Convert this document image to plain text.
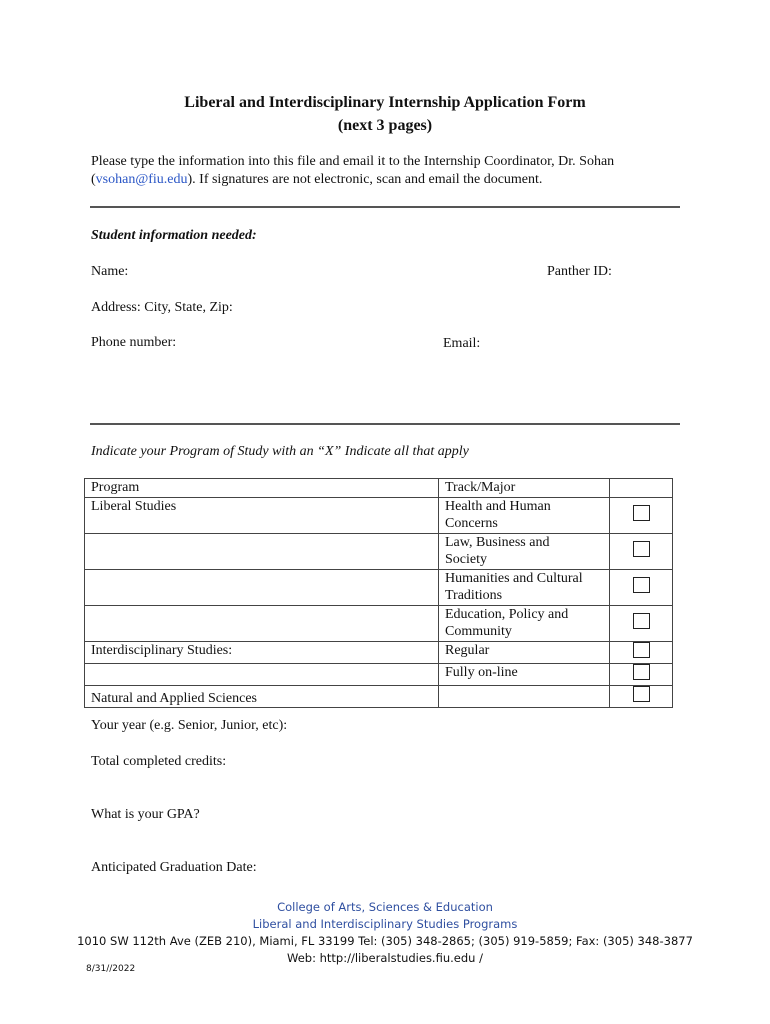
Liberal and Interdisciplinary Internship Application Form
(next 3 pages)
Please type the information into this file and email it to the Internship Coordinator, Dr. Sohan
(vsohan@fiu.edu). If signatures are not electronic, scan and email the document.
Student information needed:
Name:	Panther ID:
Address: City, State, Zip:
Phone number:	Email:
Indicate your Program of Study with an “X” Indicate all that apply
Program	Track/Major	
Liberal Studies	Health and Human
Concerns	

	Law, Business and
Society	

	Humanities and Cultural
Traditions	

	Education, Policy and
Community	

Interdisciplinary Studies:	Regular	
	Fully on-line	
Natural and Applied Sciences		
Your year (e.g. Senior, Junior, etc):
Total completed credits:
What is your GPA?
Anticipated Graduation Date:
College of Arts, Sciences & Education
Liberal and Interdisciplinary Studies Programs
1010 SW 112th Ave (ZEB 210), Miami, FL 33199 Tel: (305) 348-2865; (305) 919-5859; Fax: (305) 348-3877
Web: http://liberalstudies.fiu.edu /
8/31//2022
